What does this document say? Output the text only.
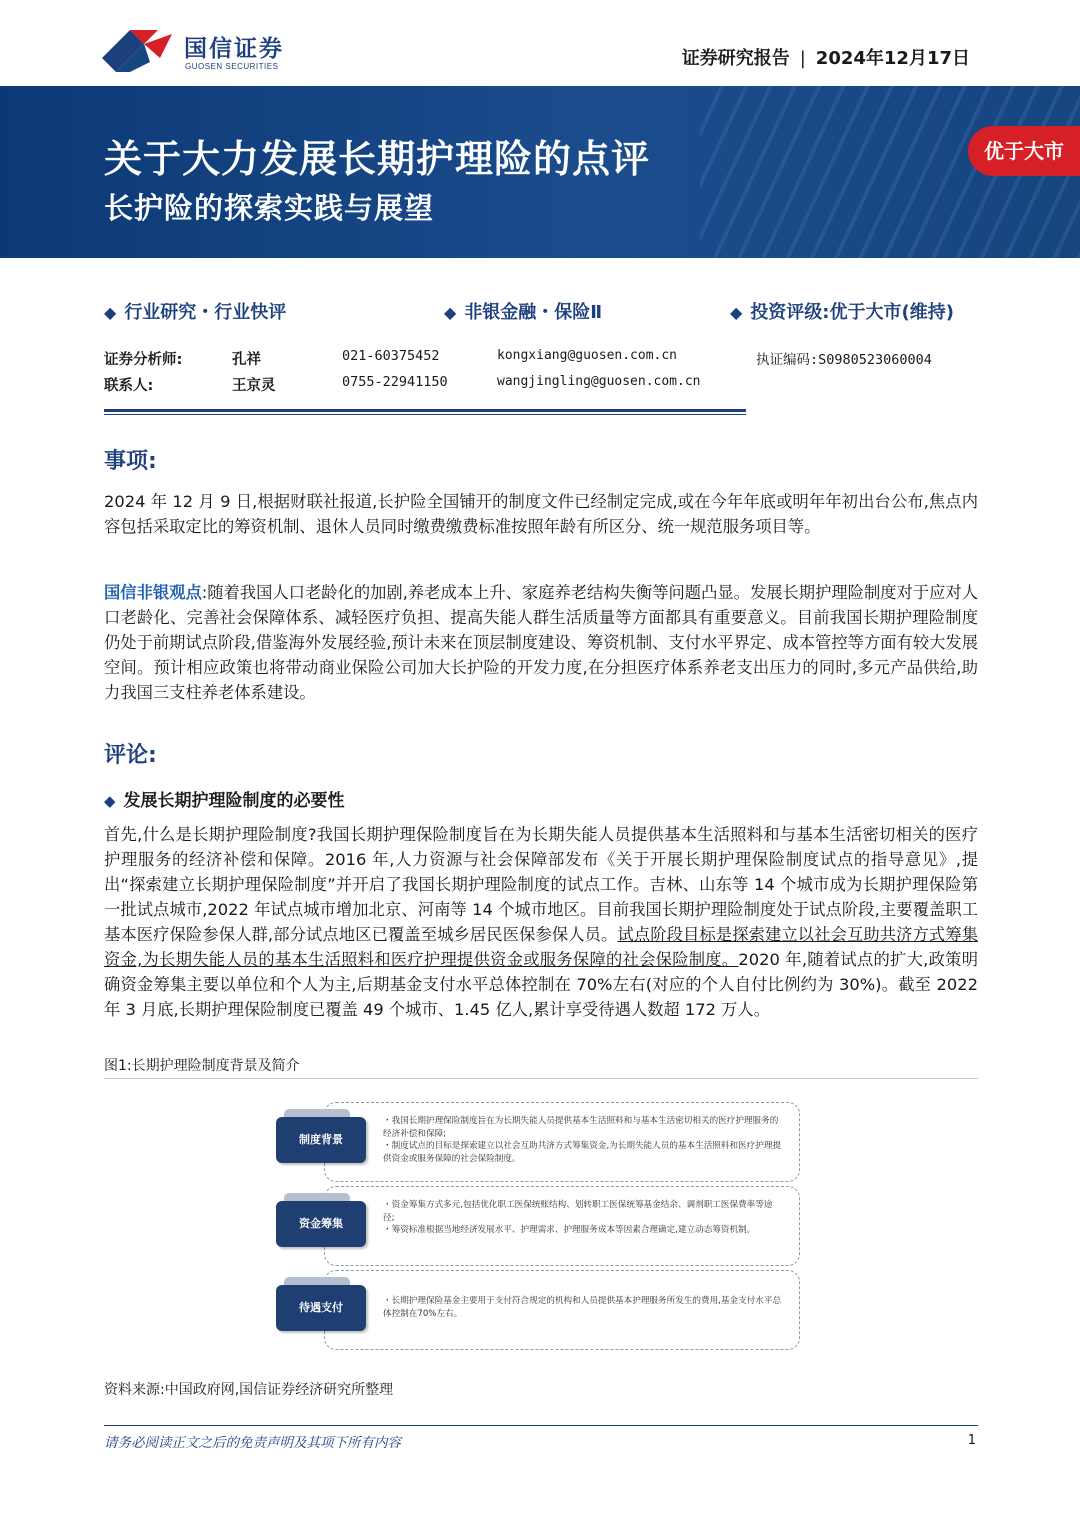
国信证券
GUOSEN SECURITIES	证券研究报告 | 2024年12月17日
关于大力发展长期护理险的点评
长护险的探索实践与展望
优于大市
◆ 行业研究・行业快评	◆ 非银金融・保险Ⅱ	◆ 投资评级:优于大市(维持)
证券分析师:	孔祥	021-60375452	kongxiang@guosen.com.cn	执证编码:S0980523060004
联系人:	王京灵	0755-22941150	wangjingling@guosen.com.cn
事项:
2024 年 12 月 9 日,根据财联社报道,长护险全国铺开的制度文件已经制定完成,或在今年年底或明年年初出台公布,焦点内容包括采取定比的筹资机制、退休人员同时缴费缴费标准按照年龄有所区分、统一规范服务项目等。
国信非银观点:随着我国人口老龄化的加剧,养老成本上升、家庭养老结构失衡等问题凸显。发展长期护理险制度对于应对人口老龄化、完善社会保障体系、减轻医疗负担、提高失能人群生活质量等方面都具有重要意义。目前我国长期护理险制度仍处于前期试点阶段,借鉴海外发展经验,预计未来在顶层制度建设、筹资机制、支付水平界定、成本管控等方面有较大发展空间。预计相应政策也将带动商业保险公司加大长护险的开发力度,在分担医疗体系养老支出压力的同时,多元产品供给,助力我国三支柱养老体系建设。
评论:
◆ 发展长期护理险制度的必要性
首先,什么是长期护理险制度?我国长期护理保险制度旨在为长期失能人员提供基本生活照料和与基本生活密切相关的医疗护理服务的经济补偿和保障。2016 年,人力资源与社会保障部发布《关于开展长期护理保险制度试点的指导意见》,提出“探索建立长期护理保险制度”并开启了我国长期护理险制度的试点工作。吉林、山东等 14 个城市成为长期护理保险第一批试点城市,2022 年试点城市增加北京、河南等 14 个城市地区。目前我国长期护理险制度处于试点阶段,主要覆盖职工基本医疗保险参保人群,部分试点地区已覆盖至城乡居民医保参保人员。试点阶段目标是探索建立以社会互助共济方式筹集资金,为长期失能人员的基本生活照料和医疗护理提供资金或服务保障的社会保险制度。2020 年,随着试点的扩大,政策明确资金筹集主要以单位和个人为主,后期基金支付水平总体控制在 70%左右(对应的个人自付比例约为 30%)。截至 2022 年 3 月底,长期护理保险制度已覆盖 49 个城市、1.45 亿人,累计享受待遇人数超 172 万人。
图1:长期护理险制度背景及简介

・我国长期护理保险制度旨在为长期失能人员提供基本生活照料和与基本生活密切相关的医疗护理服务的经济补偿和保障;
・制度试点的目标是探索建立以社会互助共济方式筹集资金,为长期失能人员的基本生活照料和医疗护理提供资金或服务保障的社会保险制度。

制度背景

・资金筹集方式多元,包括优化职工医保统账结构、划转职工医保统筹基金结余、调剂职工医保费率等途径;
・筹资标准根据当地经济发展水平、护理需求、护理服务成本等因素合理确定,建立动态筹资机制。

资金筹集

・长期护理保险基金主要用于支付符合规定的机构和人员提供基本护理服务所发生的费用,基金支付水平总体控制在70%左右。

待遇支付
资料来源:中国政府网,国信证券经济研究所整理
请务必阅读正文之后的免责声明及其项下所有内容	1
